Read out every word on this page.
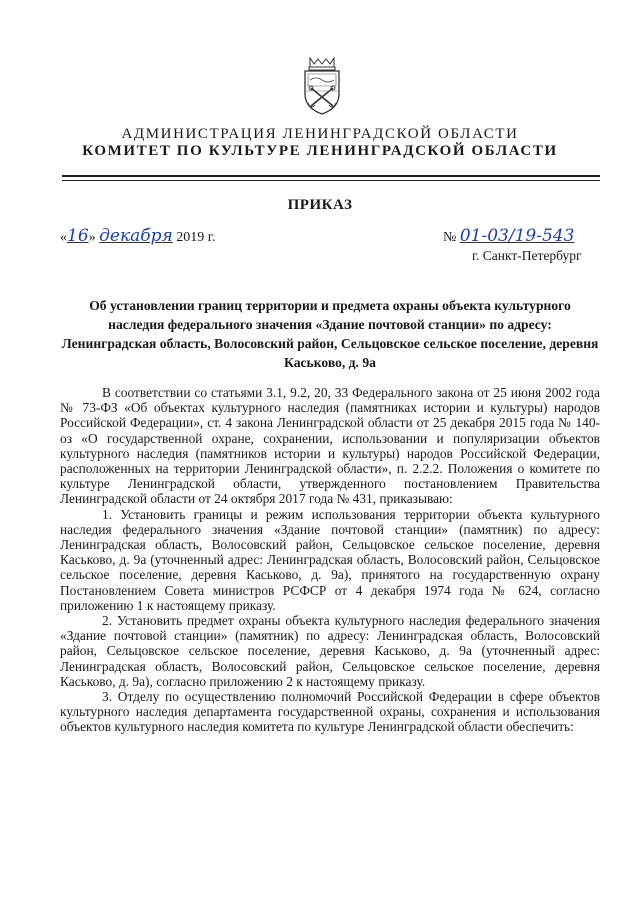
АДМИНИСТРАЦИЯ ЛЕНИНГРАДСКОЙ ОБЛАСТИ
КОМИТЕТ ПО КУЛЬТУРЕ ЛЕНИНГРАДСКОЙ ОБЛАСТИ
ПРИКАЗ
«16» декабря 2019 г.	№ 01-03/19-543
г. Санкт-Петербург
Об установлении границ территории и предмета охраны объекта культурного наследия федерального значения «Здание почтовой станции» по адресу: Ленинградская область, Волосовский район, Сельцовское сельское поселение, деревня Каськово, д. 9а

В соответствии со статьями 3.1, 9.2, 20, 33 Федерального закона от 25 июня 2002 года № 73-ФЗ «Об объектах культурного наследия (памятниках истории и культуры) народов Российской Федерации», ст. 4 закона Ленинградской области от 25 декабря 2015 года № 140-оз «О государственной охране, сохранении, использовании и популяризации объектов культурного наследия (памятников истории и культуры) народов Российской Федерации, расположенных на территории Ленинградской области», п. 2.2.2. Положения о комитете по культуре Ленинградской области, утвержденного постановлением Правительства Ленинградской области от 24 октября 2017 года № 431, приказываю:

1. Установить границы и режим использования территории объекта культурного наследия федерального значения «Здание почтовой станции» (памятник) по адресу: Ленинградская область, Волосовский район, Сельцовское сельское поселение, деревня Каськово, д. 9а (уточненный адрес: Ленинградская область, Волосовский район, Сельцовское сельское поселение, деревня Каськово, д. 9а), принятого на государственную охрану Постановлением Совета министров РСФСР от 4 декабря 1974 года № 624, согласно приложению 1 к настоящему приказу.

2. Установить предмет охраны объекта культурного наследия федерального значения «Здание почтовой станции» (памятник) по адресу: Ленинградская область, Волосовский район, Сельцовское сельское поселение, деревня Каськово, д. 9а (уточненный адрес: Ленинградская область, Волосовский район, Сельцовское сельское поселение, деревня Каськово, д. 9а), согласно приложению 2 к настоящему приказу.

3. Отделу по осуществлению полномочий Российской Федерации в сфере объектов культурного наследия департамента государственной охраны, сохранения и использования объектов культурного наследия комитета по культуре Ленинградской области обеспечить:
